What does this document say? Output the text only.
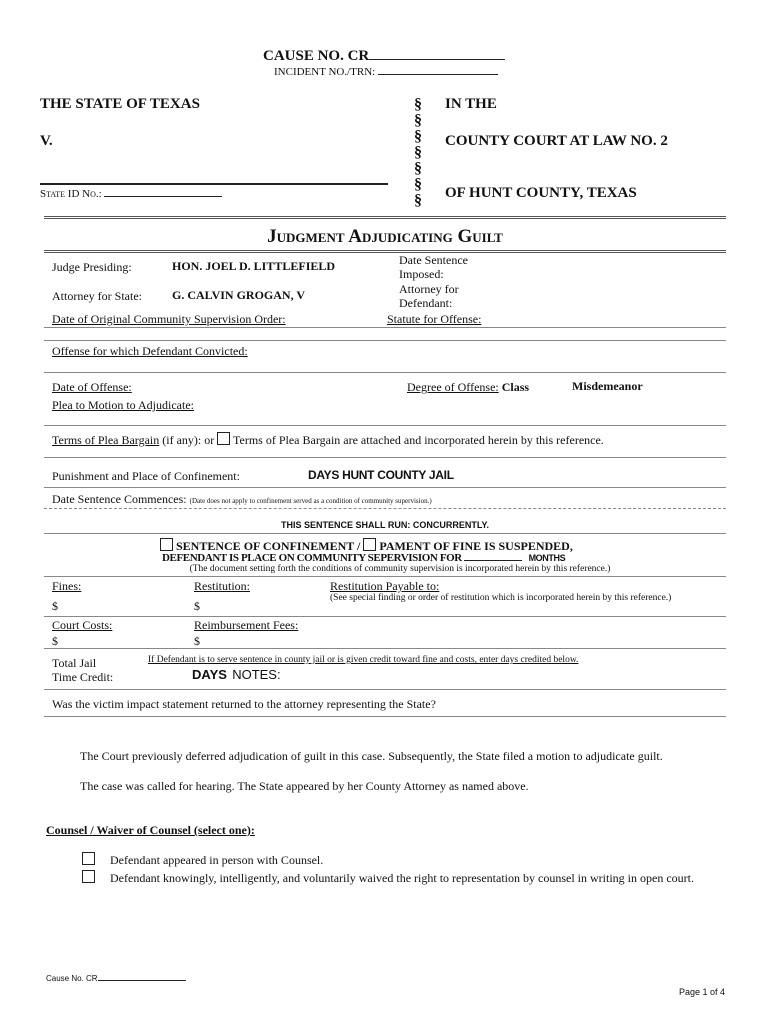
CAUSE NO. CR
INCIDENT NO./TRN:
THE STATE OF TEXAS
V.
State ID No.:
§
§
§
§
§
§
§
IN THE
COUNTY COURT AT LAW NO. 2
OF HUNT COUNTY, TEXAS
Judgment Adjudicating Guilt
Judge Presiding:	HON. JOEL D. LITTLEFIELD	Date Sentence Imposed:
Attorney for State:	G. CALVIN GROGAN, V	Attorney for Defendant:
Date of Original Community Supervision Order:	Statute for Offense:
Offense for which Defendant Convicted:
Date of Offense:	Degree of Offense: Class	Misdemeanor
Plea to Motion to Adjudicate:
Terms of Plea Bargain (if any): or Terms of Plea Bargain are attached and incorporated herein by this reference.
Punishment and Place of Confinement:	DAYS HUNT COUNTY JAIL
Date Sentence Commences: (Date does not apply to confinement served as a condition of community supervision.)
THIS SENTENCE SHALL RUN: CONCURRENTLY.
SENTENCE OF CONFINEMENT / PAMENT OF FINE IS SUSPENDED,
DEFENDANT IS PLACE ON COMMUNITY SEPERVISION FOR	MONTHS
(The document setting forth the conditions of community supervision is incorporated herein by this reference.)
Fines:	Restitution:	Restitution Payable to:
$	$
(See special finding or order of restitution which is incorporated herein by this reference.)
Court Costs:	Reimbursement Fees:
$	$
Total Jail
Time Credit:
If Defendant is to serve sentence in county jail or is given credit toward fine and costs, enter days credited below.
DAYS NOTES:
Was the victim impact statement returned to the attorney representing the State?
The Court previously deferred adjudication of guilt in this case. Subsequently, the State filed a motion to adjudicate guilt.
The case was called for hearing. The State appeared by her County Attorney as named above.
Counsel / Waiver of Counsel (select one):
Defendant appeared in person with Counsel.
Defendant knowingly, intelligently, and voluntarily waived the right to representation by counsel in writing in open court.
Cause No. CR
Page 1 of 4
